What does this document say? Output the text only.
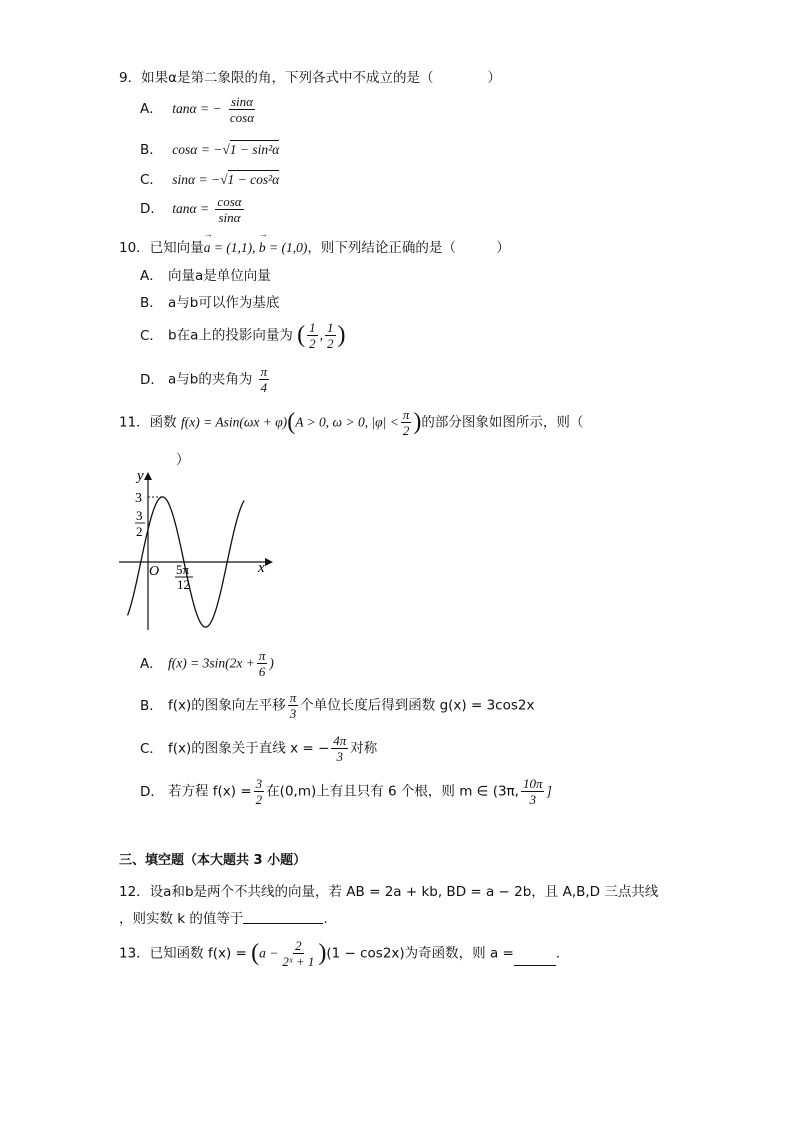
9．如果α是第二象限的角，下列各式中不成立的是（　　　　）
A． tanα = − $\frac{\sin\alpha}{\cos\alpha}$
B． cosα = −√1 − sin²α
C． sinα = −√1 − cos²α
D． $\tan\alpha = \frac{\cos\alpha}{\sin\alpha}$
10．已知向量→ a = (1,1), → b = (1,0)，则下列结论正确的是（　　　）
A． 向量a是单位向量
B． a与b可以作为基底
C． b在a上的投影向量为 ( $\frac{1}{2}$ , $\frac{1}{2}$ )
D． a与b的夹角为 $\frac{\pi}{4}$
11．函数 f(x) = Asin(ωx + φ)(A > 0, ω > 0, $|\varphi| < \frac{\pi}{2}$ )的部分图象如图所示，则（
）
y
x
O
3
3
2
5π
12
A． $f(x) = 3\sin(2x + \frac{\pi}{6}$ )
B． f(x)的图象向左平移 $\frac{\pi}{3}$ 个单位长度后得到函数 g(x) = 3cos2x
C． f(x)的图象关于直线 x = − $\frac{4\pi}{3}$ 对称
D． 若方程 $f(x) = \frac{3}{2}$ 在(0,m)上有且只有 6 个根，则 m ∈ (3π, $\frac{10\pi}{3}$ ]
三、填空题（本大题共 3 小题）
12．设a和b是两个不共线的向量，若 AB = 2a + kb, BD = a − 2b，且 A,B,D 三点共线
，则实数 k 的值等于	.
13．已知函数 $f(x) = (a - \frac{2}{\text{2ˣ + 1}} )(1 - \cos 2x)$为奇函数，则 a =	.
